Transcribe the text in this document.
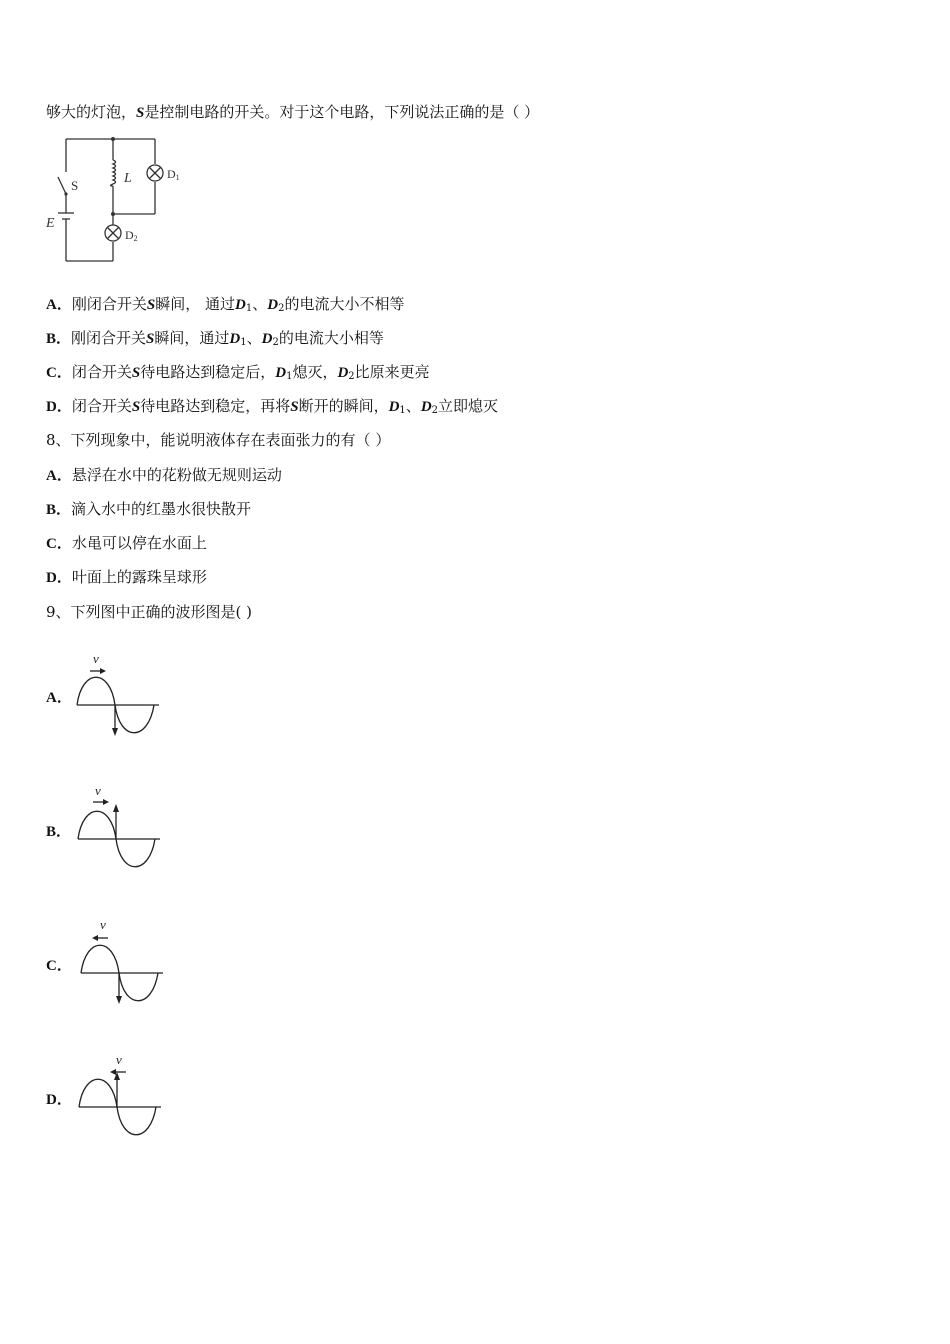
够大的灯泡，S是控制电路的开关。对于这个电路，下列说法正确的是（ ）
S	L
E
D1
D2
A．刚闭合开关S瞬间， 通过$D_1$、$D_2$的电流大小不相等
B．刚闭合开关S瞬间，通过$D_1$、$D_2$的电流大小相等
C．闭合开关S待电路达到稳定后，$D_1$熄灭，$D_2$比原来更亮
D．闭合开关S待电路达到稳定，再将S断开的瞬间，$D_1$、$D_2$立即熄灭
8、下列现象中，能说明液体存在表面张力的有（ ）
A．悬浮在水中的花粉做无规则运动
B．滴入水中的红墨水很快散开
C．水黾可以停在水面上
D．叶面上的露珠呈球形
9、下列图中正确的波形图是( )
A．
v
B．
v
C．
v
D．
v
